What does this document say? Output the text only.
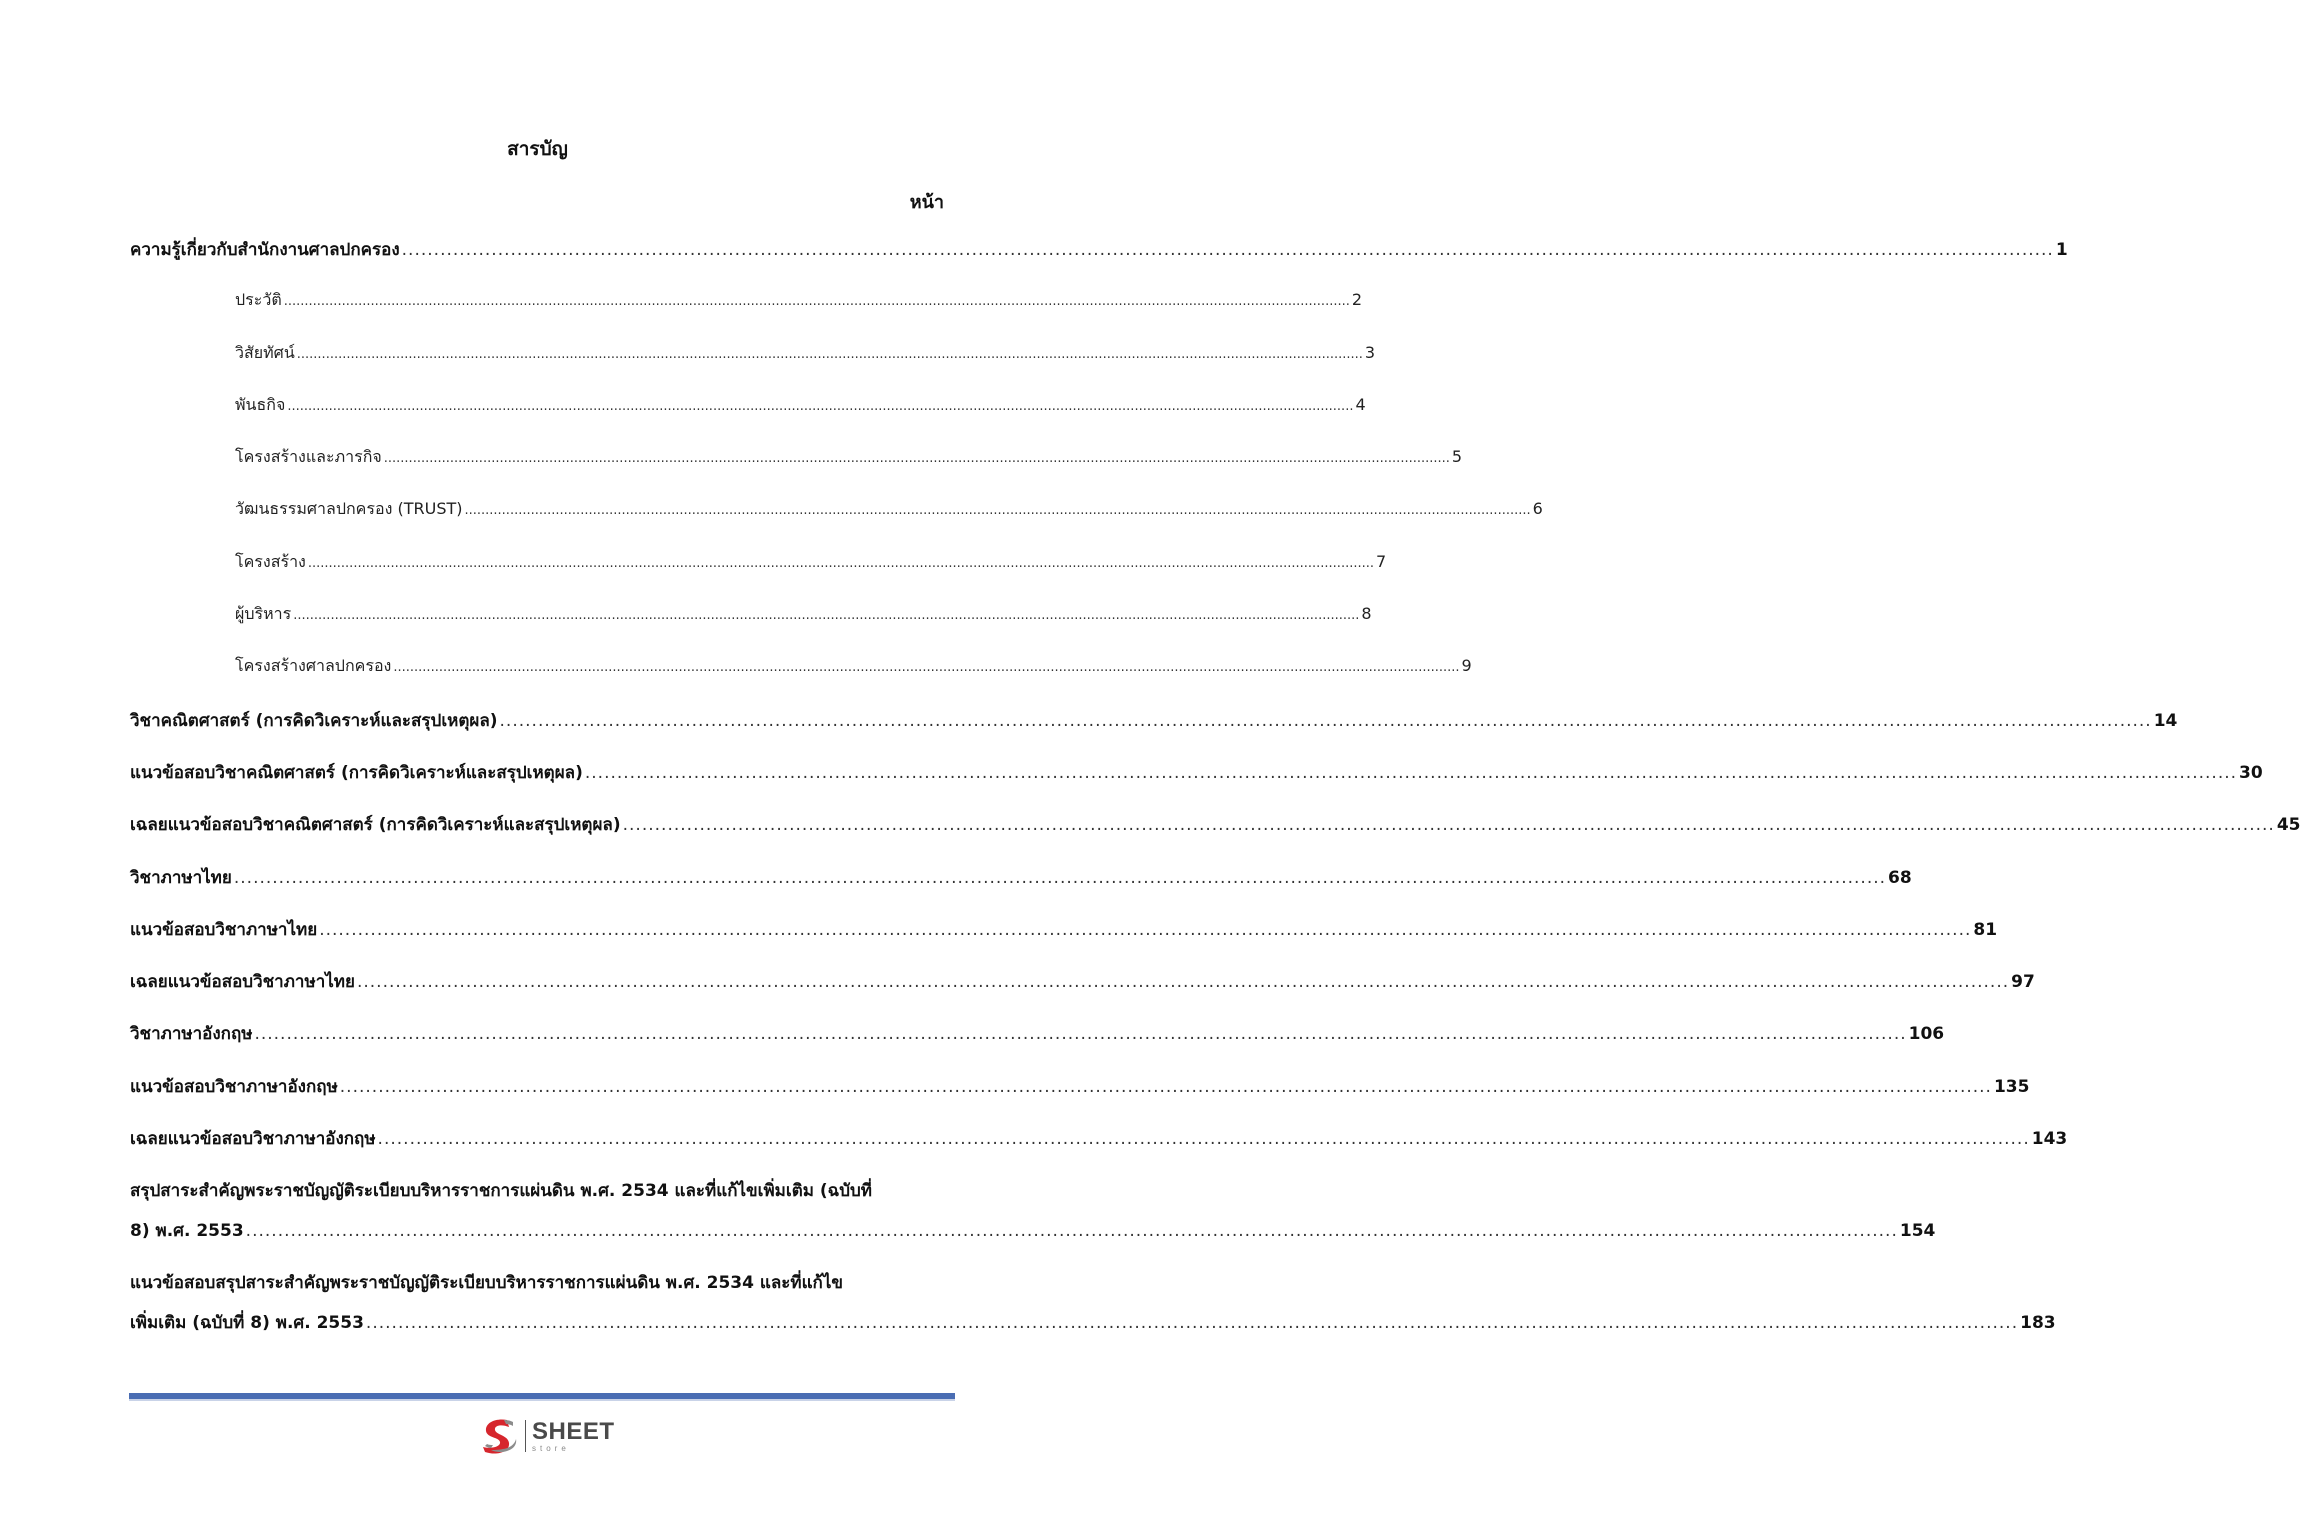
สารบัญ
หน้า
ความรู้เกี่ยวกับสำนักงานศาลปกครอง .................................................................................................................................................................................................................................................................. 1
ประวัติ .................................................................................................................................................................................................................................................................. 2
วิสัยทัศน์ .................................................................................................................................................................................................................................................................. 3
พันธกิจ .................................................................................................................................................................................................................................................................. 4
โครงสร้างและภารกิจ .................................................................................................................................................................................................................................................................. 5
วัฒนธรรมศาลปกครอง (TRUST) .................................................................................................................................................................................................................................................................. 6
โครงสร้าง .................................................................................................................................................................................................................................................................. 7
ผู้บริหาร .................................................................................................................................................................................................................................................................. 8
โครงสร้างศาลปกครอง .................................................................................................................................................................................................................................................................. 9
วิชาคณิตศาสตร์ (การคิดวิเคราะห์และสรุปเหตุผล) .................................................................................................................................................................................................................................................................. 14
แนวข้อสอบวิชาคณิตศาสตร์ (การคิดวิเคราะห์และสรุปเหตุผล) .................................................................................................................................................................................................................................................................. 30
เฉลยแนวข้อสอบวิชาคณิตศาสตร์ (การคิดวิเคราะห์และสรุปเหตุผล) .................................................................................................................................................................................................................................................................. 45
วิชาภาษาไทย .................................................................................................................................................................................................................................................................. 68
แนวข้อสอบวิชาภาษาไทย .................................................................................................................................................................................................................................................................. 81
เฉลยแนวข้อสอบวิชาภาษาไทย .................................................................................................................................................................................................................................................................. 97
วิชาภาษาอังกฤษ .................................................................................................................................................................................................................................................................. 106
แนวข้อสอบวิชาภาษาอังกฤษ .................................................................................................................................................................................................................................................................. 135
เฉลยแนวข้อสอบวิชาภาษาอังกฤษ .................................................................................................................................................................................................................................................................. 143
สรุปสาระสำคัญพระราชบัญญัติระเบียบบริหารราชการแผ่นดิน พ.ศ. 2534 และที่แก้ไขเพิ่มเติม (ฉบับที่
8) พ.ศ. 2553 .................................................................................................................................................................................................................................................................. 154
แนวข้อสอบสรุปสาระสำคัญพระราชบัญญัติระเบียบบริหารราชการแผ่นดิน พ.ศ. 2534 และที่แก้ไข
เพิ่มเติม (ฉบับที่ 8) พ.ศ. 2553 .................................................................................................................................................................................................................................................................. 183
SHEET
store
